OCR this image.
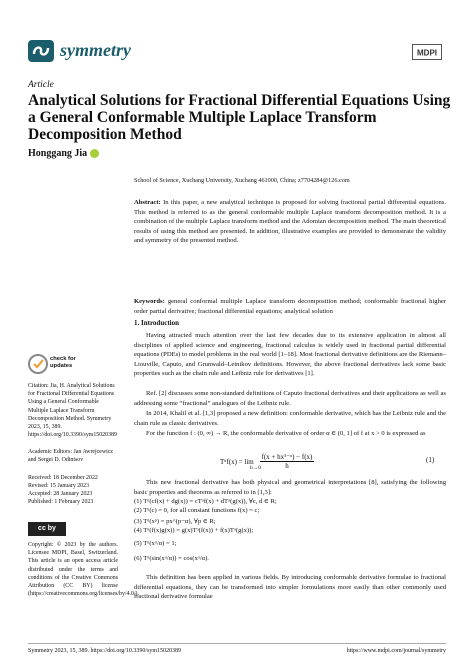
symmetry	MDPI
Article
Analytical Solutions for Fractional Differential Equations Using a General Conformable Multiple Laplace Transform Decomposition Method
Honggang Jia
School of Science, Xuchang University, Xuchang 461000, China; z7704284@126.com
Abstract: In this paper, a new analytical technique is proposed for solving fractional partial differential equations. This method is referred to as the general conformable multiple Laplace transform decomposition method. It is a combination of the multiple Laplace transform method and the Adomian decomposition method. The main theoretical results of using this method are presented. In addition, illustrative examples are provided to demonstrate the validity and symmetry of the presented method.
Keywords: general conformal multiple Laplace transform decomposition method; conformable fractional higher order partial derivative; fractional differential equations; analytical solution
1. Introduction
Having attracted much attention over the last few decades due to its extensive application in almost all disciplines of applied science and engineering, fractional calculus is widely used in fractional partial differential equations (PDEs) to model problems in the real world [1–18]. Most fractional derivative definitions are the Riemann–Liouville, Caputo, and Grunwald–Letnikov definitions. However, the above fractional derivatives lack some basic properties such as the chain rule and Leibniz rule for derivatives [1].
Ref. [2] discusses some non-standard definitions of Caputo fractional derivatives and their applications as well as addressing some “fractional” analogues of the Leibniz rule.
In 2014, Khalil et al. [1,3] proposed a new definition: conformable derivative, which has the Leibniz rule and the chain rule as classic derivatives.
For the function f : (0, ∞) → R, the conformable derivative of order α ∈ (0, 1] of f at x > 0 is expressed as
Tᵅf(x) = $\lim \frac{\text{f(x + hx¹⁻ᵅ) − f(x)}}{h}$
h→0
(1)
This new fractional derivative has both physical and geometrical interpretations [8], satisfying the following basic properties and theorems as referred to in [1,3]:
(1) Tᵅ(cf(x) + dg(x)) = cTᵅf(x) + dTᵅ(g(x)), ∀c, d ∈ R;
(2) Tᵅ(c) = 0, for all constant functions f(x) = c;
(3) Tᵅ(xᵖ) = px^(p−α), ∀p ∈ R;
(4) Tᵅ(f(x)g(x)) = g(x)Tᵅ(f(x)) + f(x)Tᵅ(g(x));
(5) Tᵅ(xᵅ/α) = 1;
(6) Tᵅ(sin(xᵅ/α)) = cos(xᵅ/α).
This definition has been applied in various fields. By introducing conformable derivative formulae to fractional differential equations, they can be transformed into simpler formulations more easily than other commonly used fractional derivative formulae
check for updates
Citation: Jia, H. Analytical Solutions for Fractional Differential Equations Using a General Conformable Multiple Laplace Transform Decomposition Method. Symmetry 2023, 15, 389. https://doi.org/10.3390/sym15020389
Academic Editors: Jan Awrejcewicz and Sergei D. Odintsov
Received: 18 December 2022
Revised: 15 January 2023
Accepted: 28 January 2023
Published: 1 February 2023
cc by
Copyright: © 2023 by the authors. Licensee MDPI, Basel, Switzerland. This article is an open access article distributed under the terms and conditions of the Creative Commons Attribution (CC BY) license (https://creativecommons.org/licenses/by/4.0/).
Symmetry 2023, 15, 389. https://doi.org/10.3390/sym15020389	https://www.mdpi.com/journal/symmetry
